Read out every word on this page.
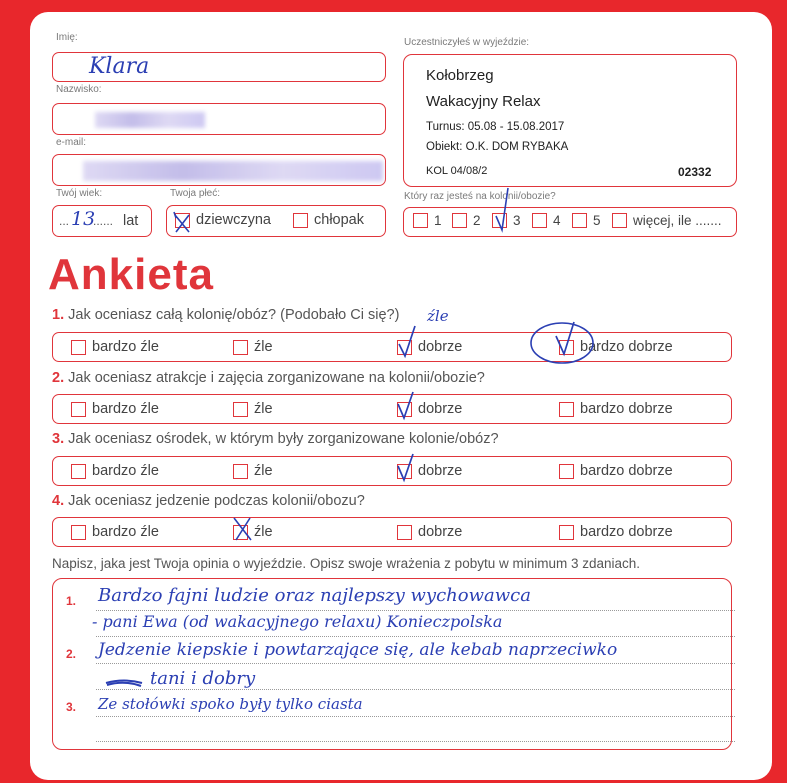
Imię:
Klara
Nazwisko:
e-mail:
Twój wiek:
... 13
...... lat
Twoja płeć:
dziewczyna	chłopak
Uczestniczyłeś w wyjeździe:
Kołobrzeg
Wakacyjny Relax
Turnus: 05.08 - 15.08.2017
Obiekt: O.K. DOM RYBAKA
KOL 04/08/2	02332
Który raz jesteś na kolonii/obozie?
1 2 3 4 5 więcej, ile .......
Ankieta
1. Jak oceniasz całą kolonię/obóz? (Podobało Ci się?) źle
bardzo źle	źle	dobrze	bardzo dobrze
2. Jak oceniasz atrakcje i zajęcia zorganizowane na kolonii/obozie?
bardzo źle	źle	dobrze	bardzo dobrze
3. Jak oceniasz ośrodek, w którym były zorganizowane kolonie/obóz?
bardzo źle	źle	dobrze	bardzo dobrze
4. Jak oceniasz jedzenie podczas kolonii/obozu?
bardzo źle	źle	dobrze	bardzo dobrze
Napisz, jaka jest Twoja opinia o wyjeździe. Opisz swoje wrażenia z pobytu w minimum 3 zdaniach.
1.
2.
3.
Bardzo fajni ludzie oraz najlepszy wychowawca
- pani Ewa (od wakacyjnego relaxu) Konieczpolska
Jedzenie kiepskie i powtarzające się, ale kebab naprzeciwko
tani i dobry
Ze stołówki spoko były tylko ciasta
